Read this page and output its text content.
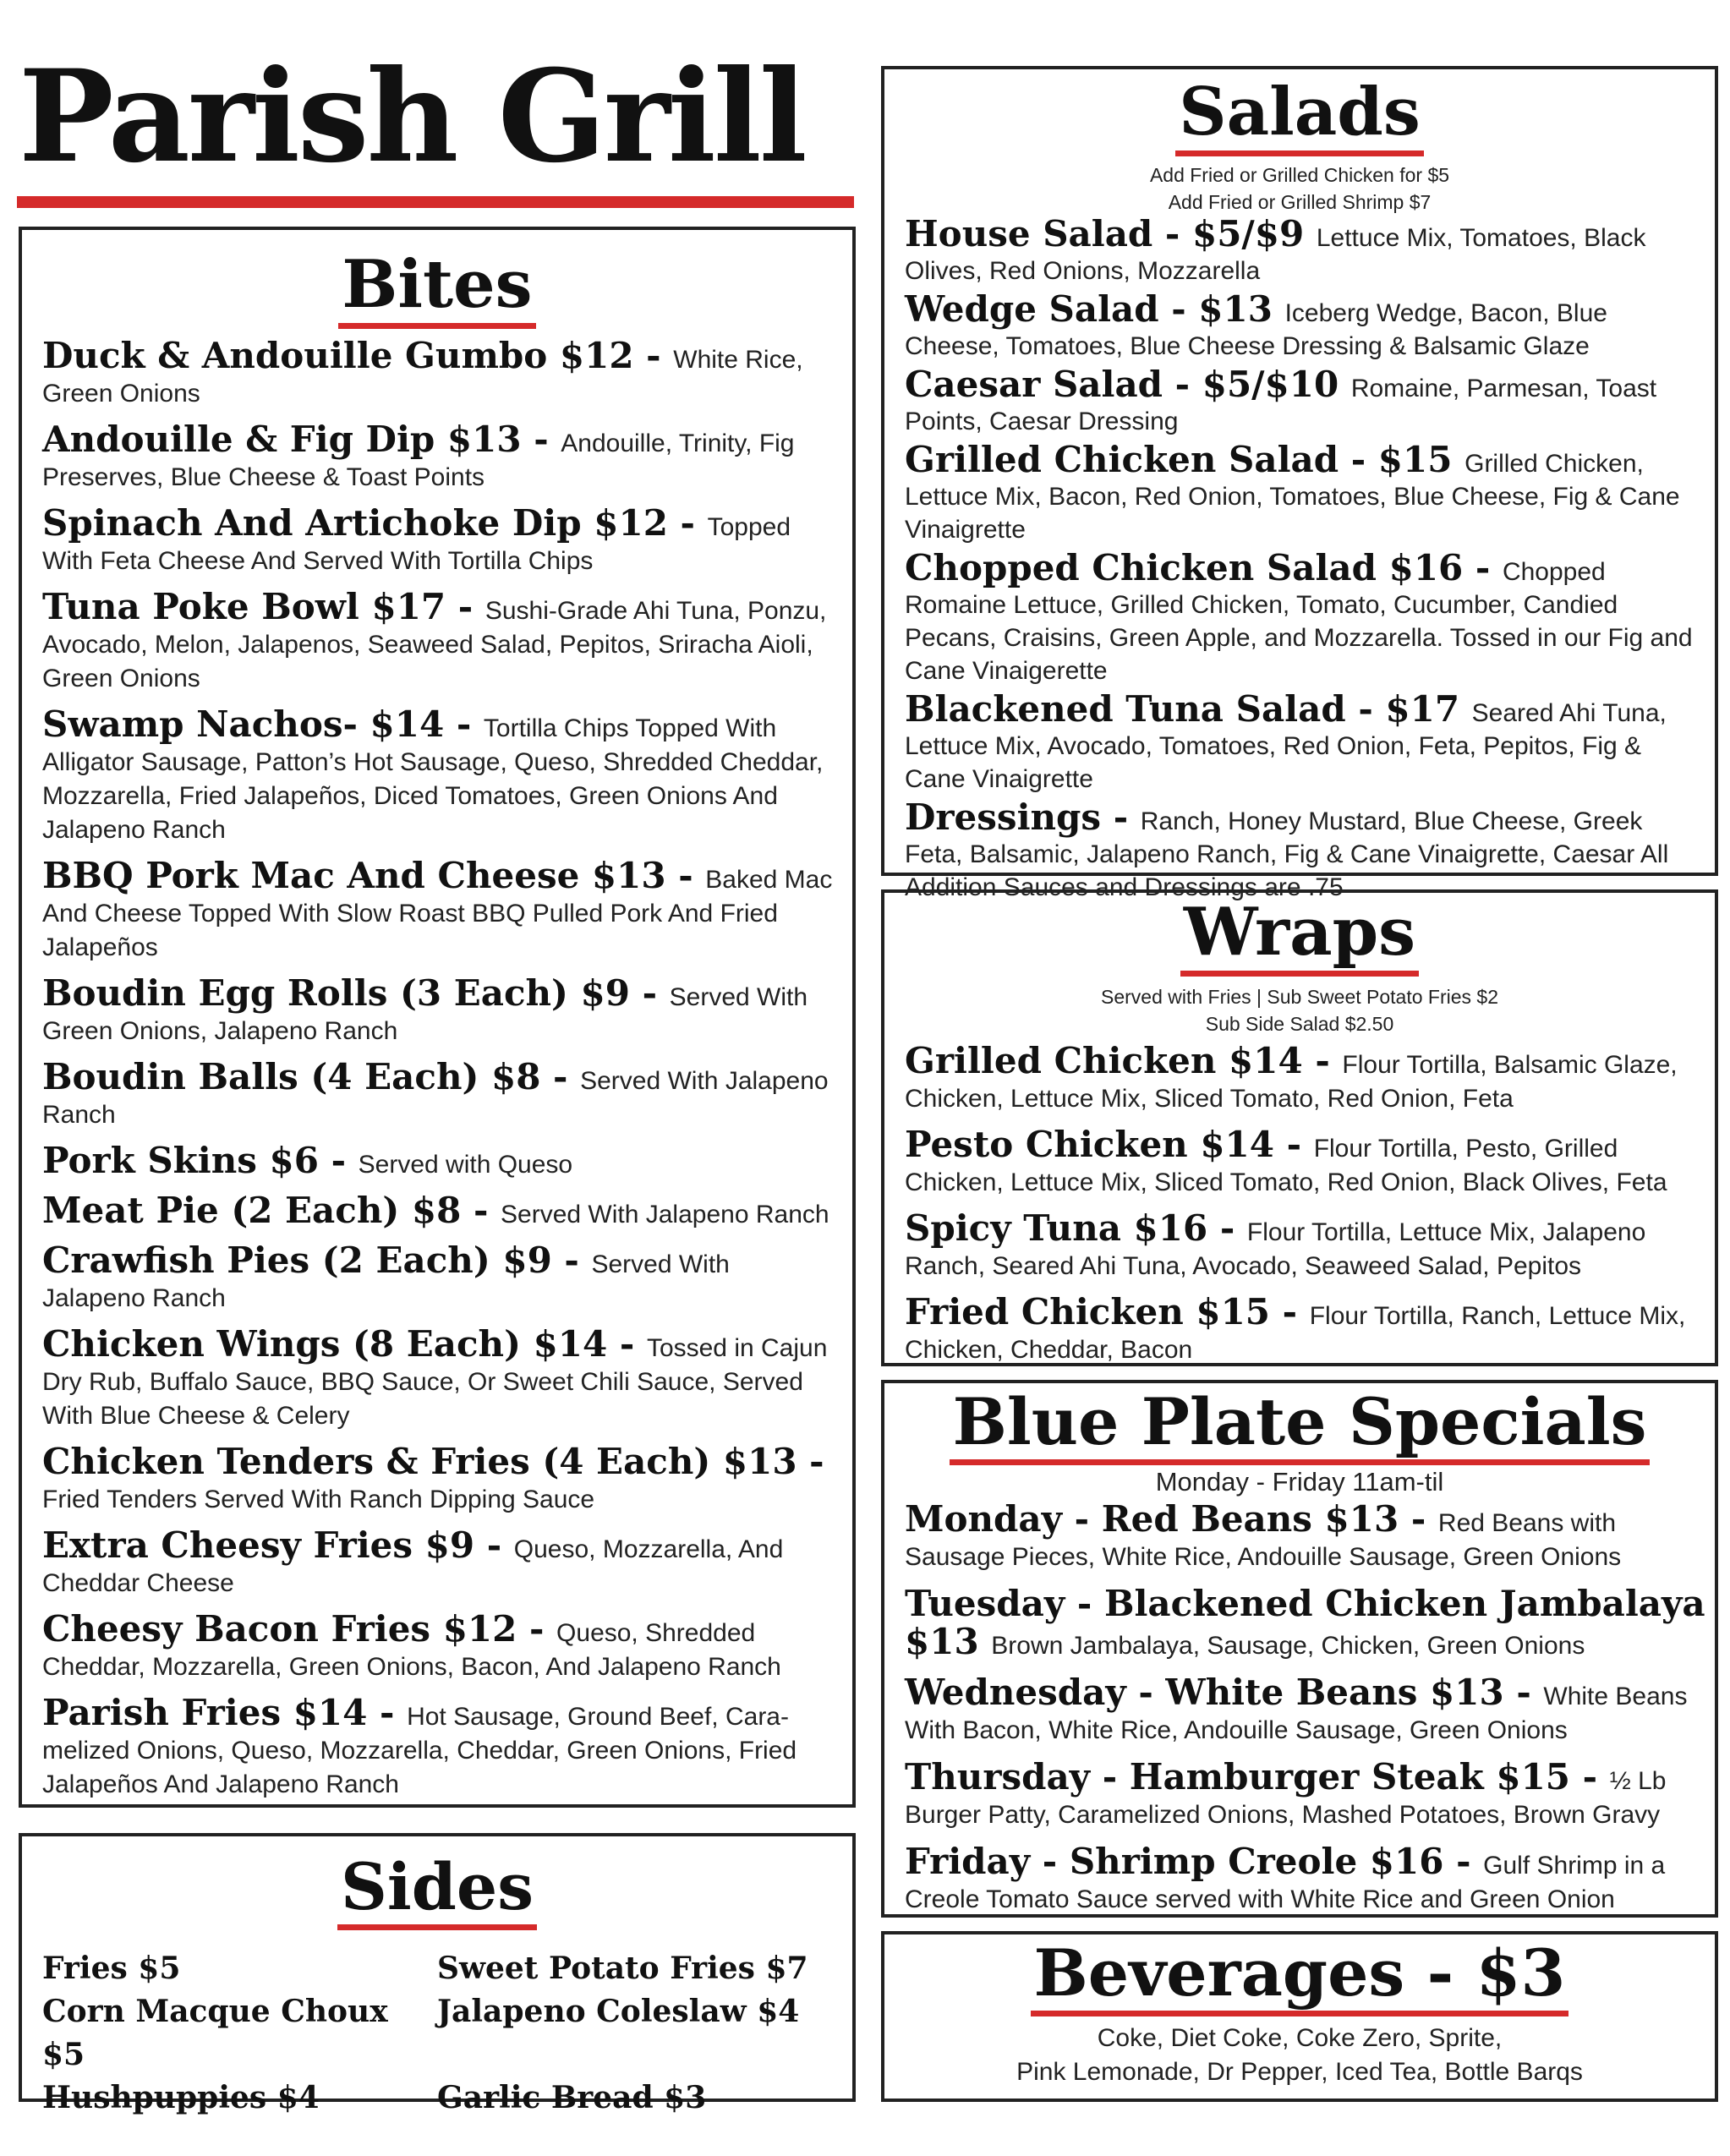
Parish Grill
Bites

Duck & Andouille Gumbo $12 - White Rice, Green Onions

Andouille & Fig Dip $13 - Andouille, Trinity, Fig Preserves, Blue Cheese & Toast Points

Spinach And Artichoke Dip $12 - Topped With Feta Cheese And Served With Tortilla Chips

Tuna Poke Bowl $17 - Sushi-Grade Ahi Tuna, Ponzu, Avocado, Melon, Jalapenos, Seaweed Salad, Pepitos, Sriracha Aioli, Green Onions

Swamp Nachos- $14 - Tortilla Chips Topped With Alligator Sausage, Patton’s Hot Sausage, Queso, Shredded Cheddar, Mozzarella, Fried Jalapeños, Diced Tomatoes, Green Onions And Jalapeno Ranch

BBQ Pork Mac And Cheese $13 - Baked Mac And Cheese Topped With Slow Roast BBQ Pulled Pork And Fried Jalapeños

Boudin Egg Rolls (3 Each) $9 - Served With Green Onions, Jalapeno Ranch

Boudin Balls (4 Each) $8 - Served With Jalapeno Ranch

Pork Skins $6 - Served with Queso

Meat Pie (2 Each) $8 - Served With Jalapeno Ranch

Crawfish Pies (2 Each) $9 - Served With Jalapeno Ranch

Chicken Wings (8 Each) $14 - Tossed in Cajun Dry Rub, Buffalo Sauce, BBQ Sauce, Or Sweet Chili Sauce, Served With Blue Cheese & Celery

Chicken Tenders & Fries (4 Each) $13 - Fried Tenders Served With Ranch Dipping Sauce

Extra Cheesy Fries $9 - Queso, Mozzarella, And Cheddar Cheese

Cheesy Bacon Fries $12 - Queso, Shredded Cheddar, Mozzarella, Green Onions, Bacon, And Jalapeno Ranch

Parish Fries $14 - Hot Sausage, Ground Beef, Cara-melized Onions, Queso, Mozzarella, Cheddar, Green Onions, Fried Jalapeños And Jalapeno Ranch

Sides
Fries $5	Sweet Potato Fries $7
Corn Macque Choux $5
Jalapeno Coleslaw $4
Hushpuppies $4	Garlic Bread $3
Salads
Add Fried or Grilled Chicken for $5
Add Fried or Grilled Shrimp $7

House Salad - $5/$9 Lettuce Mix, Tomatoes, Black Olives, Red Onions, Mozzarella

Wedge Salad - $13 Iceberg Wedge, Bacon, Blue Cheese, Tomatoes, Blue Cheese Dressing & Balsamic Glaze

Caesar Salad - $5/$10 Romaine, Parmesan, Toast Points, Caesar Dressing

Grilled Chicken Salad - $15 Grilled Chicken, Lettuce Mix, Bacon, Red Onion, Tomatoes, Blue Cheese, Fig & Cane Vinaigrette

Chopped Chicken Salad $16 - Chopped Romaine Lettuce, Grilled Chicken, Tomato, Cucumber, Candied Pecans, Craisins, Green Apple, and Mozzarella. Tossed in our Fig and Cane Vinaigerette

Blackened Tuna Salad - $17 Seared Ahi Tuna, Lettuce Mix, Avocado, Tomatoes, Red Onion, Feta, Pepitos, Fig & Cane Vinaigrette

Dressings - Ranch, Honey Mustard, Blue Cheese, Greek Feta, Balsamic, Jalapeno Ranch, Fig & Cane Vinaigrette, Caesar All Addition Sauces and Dressings are .75

Wraps
Served with Fries | Sub Sweet Potato Fries $2
Sub Side Salad $2.50

Grilled Chicken $14 - Flour Tortilla, Balsamic Glaze, Chicken, Lettuce Mix, Sliced Tomato, Red Onion, Feta

Pesto Chicken $14 - Flour Tortilla, Pesto, Grilled Chicken, Lettuce Mix, Sliced Tomato, Red Onion, Black Olives, Feta

Spicy Tuna $16 - Flour Tortilla, Lettuce Mix, Jalapeno Ranch, Seared Ahi Tuna, Avocado, Seaweed Salad, Pepitos

Fried Chicken $15 - Flour Tortilla, Ranch, Lettuce Mix, Chicken, Cheddar, Bacon

Blue Plate Specials
Monday - Friday 11am-til

Monday - Red Beans $13 - Red Beans with Sausage Pieces, White Rice, Andouille Sausage, Green Onions

Tuesday - Blackened Chicken Jambalaya $13 Brown Jambalaya, Sausage, Chicken, Green Onions

Wednesday - White Beans $13 - White Beans With Bacon, White Rice, Andouille Sausage, Green Onions

Thursday - Hamburger Steak $15 - ½ Lb Burger Patty, Caramelized Onions, Mashed Potatoes, Brown Gravy

Friday - Shrimp Creole $16 - Gulf Shrimp in a Creole Tomato Sauce served with White Rice and Green Onion

Beverages - $3

Coke, Diet Coke, Coke Zero, Sprite,

Pink Lemonade, Dr Pepper, Iced Tea, Bottle Barqs
